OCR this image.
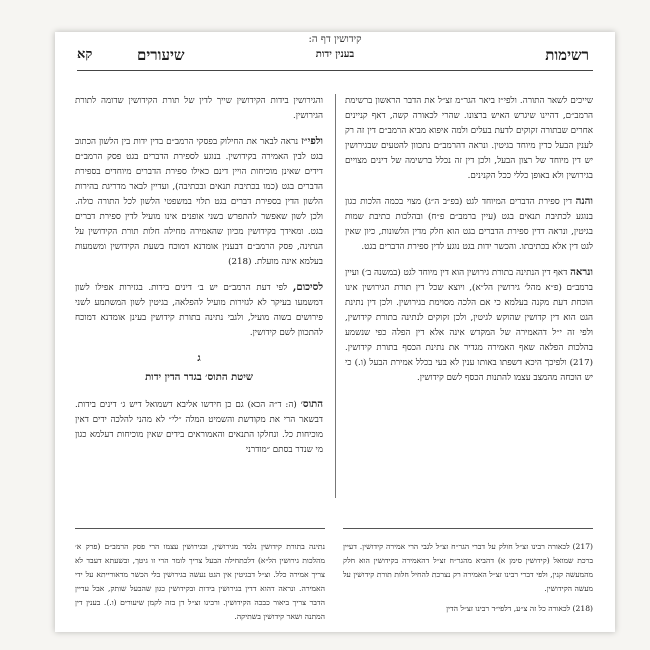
רשימות
קידושין דף ה:
בענין ידות
שיעורים
קא

שייכים לשאר התורה. ולפי״ז ביאר הגר״מ זצ״ל את הדבר הראשון ברשימת הרמב״ם, דהיינו שיגרש האיש ברצונו. שהרי לכאורה קשה, דאף קניינים אחרים שבתורה זקוקים לדעת בעלים ולמה איפוא מביא הרמב״ם דין זה רק לענין הבעל כדין מיוחד בגיטין. ונראה דהרמב״ם נתכוון להטעים שבגירושין יש דין מיוחד של רצון הבעל, ולכן דין זה נכלל ברשימה של דינים מצויים בגירושין ולא באופן כללי ככל הקנינים.

והנה דין ספירת הדברים המיוחד לגט (בפ״ב ה״ג) מצוי בכמה הלכות כגון בנוגע לכתיבת תנאים בגט (עיין ברמב״ם פ״ח) ובהלכות כתיבת שמות בגיטין, ונראה דדין ספירת הדברים בגט הוא חלק מדין הלשונות, כיון שאין לגט דין אלא בכתיבתו. והכשר ידות בגט נוגע לדין ספירת הדברים בגט.

ונראה דאף דין הנתינה בתורת גירושין הוא דין מיוחד לגט (במשנה ב׳) ועיין ברמב״ם (פ״א מהל׳ גירושין הל״א), ויוצא שכל דין תורת הגירושין אינו הוכחת דעת מקנה בעלמא כי אם הלכה מסוימת בגירושין. ולכן דין נתינת הגט הוא דין קדושין שהוקש לגיטין, ולכן זקוקים לנתינה בתורת קידושין, ולפי זה י״ל דהאמירה של המקדש אינה אלא דין הפלה כפי שנשמע בהלכות הפלאה שאף האמירה מגדיר את נתינת הכסף בתורת קידושין. (217) ולפיכך היכא דשפתו באותו ענין לא בעי בכלל אמירת הבעל (ו.) כי יש הוכחה מהמצב עצמו להתנות הכסף לשם קידושין.

והגירושין בידות הקידושין שייך לדין של תורת הקידושין שדומה לתורת הגירושין.

ולפי״ז נראה לבאר את החילוק בפסקי הרמב״ם בדין ידות בין הלשון הכתוב בגט לבין האמירה בקידושין. בנוגע לספירת הדברים בגט פסק הרמב״ם דידים שאינן מוכיחות הויין דינם כאילו ספירת הדברים מיוחדים בספירת הדברים בגט (כמו בכתיבת תנאים ובכתיבה), ועדיין לבאר מדריגת בהירות הלשון הדין בספירת דברים בגט תלוי במשפטי הלשון לכל התורה כולה. ולכן לשון שאפשר להתפרש בשני אופנים אינו מועיל לדין ספירת דברים בגט. ומאידך בקידושין מכיון שהאמירה מחילה חלות תורת הקידושין על הנתינה, פסק הרמב״ם דבענין אומדנא דמוכח בשעת הקידושין ומשמעות בעלמא אינה מועלת. (218)

לסיכום, לפי דעת הרמב״ם יש ב׳ דינים בידות. בגזירות אפילו לשון דמשמעו בעיקר לא לגזירות מועיל להפלאה, בגיטין לשון המשתמע לשני פירושים בשוה מועיל, ולגבי נתינה בתורת קידושין בעינן אומדנא דמוכח להתכוון לשם קידושין.

ג
שיטת התוס׳ בגדר הדין ידות

התוס׳ (ה: ד״ה הכא) גם כן חידשו אליבא דשמואל דיש ג׳ דינים בידות. דבשאר הרי את מקודשת והשמיט המלה ״לי״ לא מהני להלכה ידים דאין מוכיחות כל. ונחלקו התנאים והאמוראים בידים שאין מוכיחות דעלמא כגון מי שנדר בסתם ״מודרני

(217) לכאורה רבינו זצ״ל חולק על דברי הגר״ח זצ״ל לגבי הרי אמירה קידושין. דעיין ברכת שמואל (קידושין סימן א) דהביא מהגר״ח זצ״ל דהאמירה בקידושין הוא חלק מהמעשה קנין, ולפי דברי רבינו זצ״ל האמירה רק נצרכת להחיל חלות תורת קידושין על מעשה הקידושין.

(218) לכאורה כל זה צ״ע, דלפי״ד רבינו זצ״ל הדין

נתינה בתורת קידושין נלמד מגירושין, ובגירושין עצמו הרי פסק הרמב״ם (פרק א׳ מהלכות גירושין הל״א) דלכתחילה הבעל צריך לומר הרי זו גיטך, ובשעתא דעבד לא צריך אמירה כלל. וצ״ל דבגיטין אין הגט נעשה בגירושין בלי הכשר מדאורייתא על ידי האמירה. ונראה דהוא דדין בגירושין בידות ובקידושין כגון שהבעל שותק, אבל עדיין הדבר צריך ביאור כבכה הקידושין. ורבינו זצ״ל דן בזה לקמן שיעורים (ו.). בענין דין המתנה ושאר קידושין בשתיקה.
